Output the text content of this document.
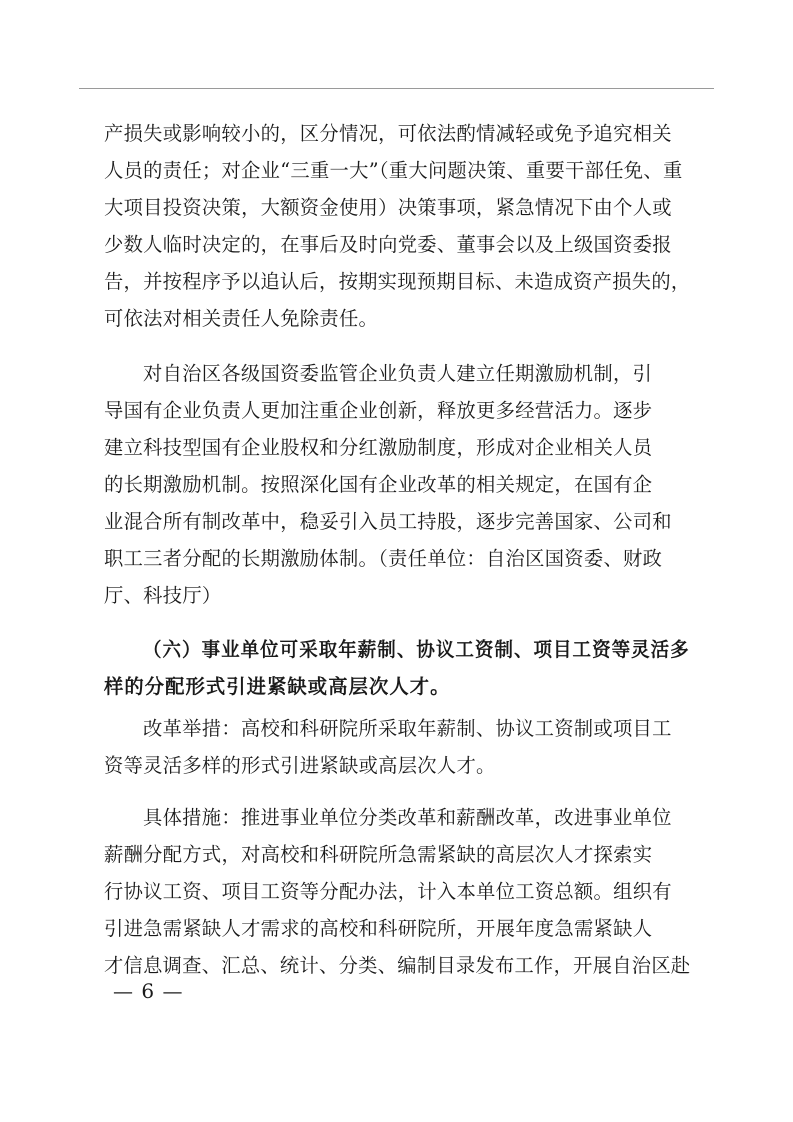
产损失或影响较小的，区分情况，可依法酌情减轻或免予追究相关
人员的责任；对企业“三重一大”（重大问题决策、重要干部任免、重
大项目投资决策，大额资金使用）决策事项，紧急情况下由个人或
少数人临时决定的，在事后及时向党委、董事会以及上级国资委报
告，并按程序予以追认后，按期实现预期目标、未造成资产损失的，
可依法对相关责任人免除责任。
对自治区各级国资委监管企业负责人建立任期激励机制，引
导国有企业负责人更加注重企业创新，释放更多经营活力。逐步
建立科技型国有企业股权和分红激励制度，形成对企业相关人员
的长期激励机制。按照深化国有企业改革的相关规定，在国有企
业混合所有制改革中，稳妥引入员工持股，逐步完善国家、公司和
职工三者分配的长期激励体制。（责任单位：自治区国资委、财政
厅、科技厅）
（六）事业单位可采取年薪制、协议工资制、项目工资等灵活多
样的分配形式引进紧缺或高层次人才。
改革举措：高校和科研院所采取年薪制、协议工资制或项目工
资等灵活多样的形式引进紧缺或高层次人才。
具体措施：推进事业单位分类改革和薪酬改革，改进事业单位
薪酬分配方式，对高校和科研院所急需紧缺的高层次人才探索实
行协议工资、项目工资等分配办法，计入本单位工资总额。组织有
引进急需紧缺人才需求的高校和科研院所，开展年度急需紧缺人
才信息调查、汇总、统计、分类、编制目录发布工作，开展自治区赴
— 6 —
